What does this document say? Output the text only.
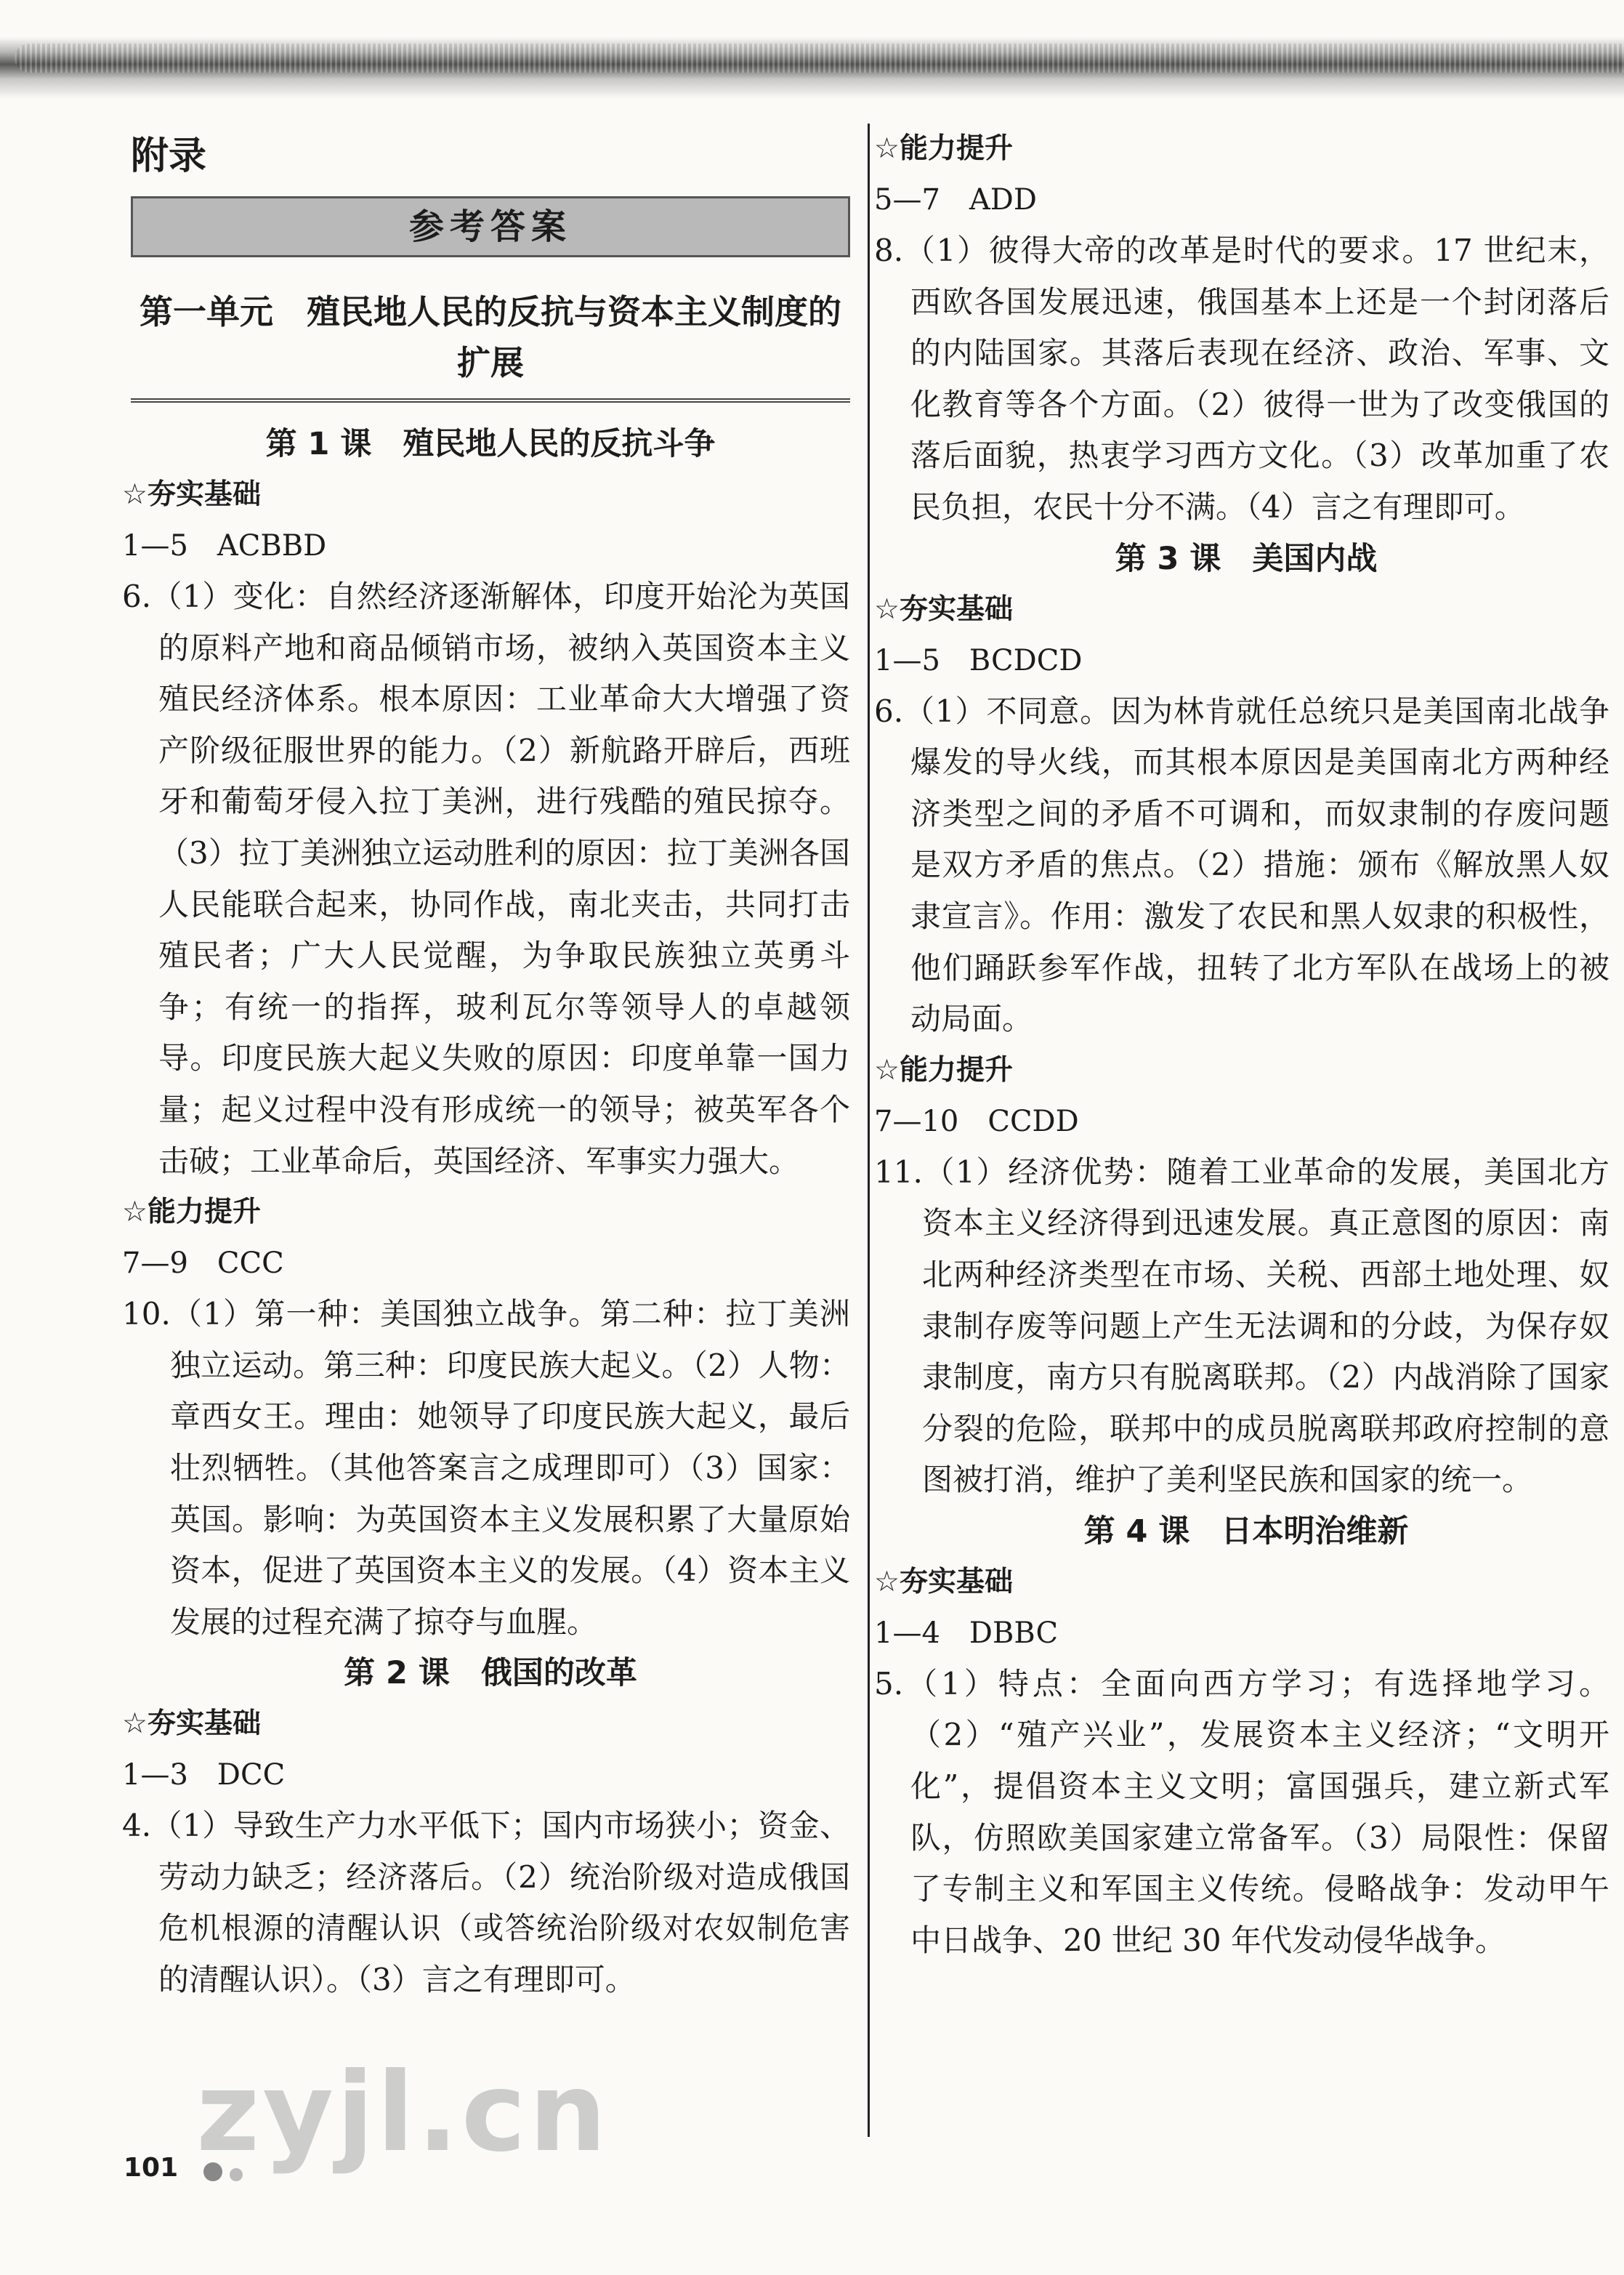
附录
参考答案
第一单元　殖民地人民的反抗与资本主义制度的扩展
第 1 课　殖民地人民的反抗斗争
☆夯实基础
1—5　ACBBD
6.（1）变化：自然经济逐渐解体，印度开始沦为英国的原料产地和商品倾销市场，被纳入英国资本主义殖民经济体系。根本原因：工业革命大大增强了资产阶级征服世界的能力。（2）新航路开辟后，西班牙和葡萄牙侵入拉丁美洲，进行残酷的殖民掠夺。（3）拉丁美洲独立运动胜利的原因：拉丁美洲各国人民能联合起来，协同作战，南北夹击，共同打击殖民者；广大人民觉醒，为争取民族独立英勇斗争；有统一的指挥，玻利瓦尔等领导人的卓越领导。印度民族大起义失败的原因：印度单靠一国力量；起义过程中没有形成统一的领导；被英军各个击破；工业革命后，英国经济、军事实力强大。
☆能力提升
7—9　CCC
10.（1）第一种：美国独立战争。第二种：拉丁美洲独立运动。第三种：印度民族大起义。（2）人物：章西女王。理由：她领导了印度民族大起义，最后壮烈牺牲。（其他答案言之成理即可）（3）国家：英国。影响：为英国资本主义发展积累了大量原始资本，促进了英国资本主义的发展。（4）资本主义发展的过程充满了掠夺与血腥。
第 2 课　俄国的改革
☆夯实基础
1—3　DCC
4.（1）导致生产力水平低下；国内市场狭小；资金、劳动力缺乏；经济落后。（2）统治阶级对造成俄国危机根源的清醒认识（或答统治阶级对农奴制危害的清醒认识）。（3）言之有理即可。
☆能力提升
5—7　ADD
8.（1）彼得大帝的改革是时代的要求。17 世纪末，西欧各国发展迅速，俄国基本上还是一个封闭落后的内陆国家。其落后表现在经济、政治、军事、文化教育等各个方面。（2）彼得一世为了改变俄国的落后面貌，热衷学习西方文化。（3）改革加重了农民负担，农民十分不满。（4）言之有理即可。
第 3 课　美国内战
☆夯实基础
1—5　BCDCD
6.（1）不同意。因为林肯就任总统只是美国南北战争爆发的导火线，而其根本原因是美国南北方两种经济类型之间的矛盾不可调和，而奴隶制的存废问题是双方矛盾的焦点。（2）措施：颁布《解放黑人奴隶宣言》。作用：激发了农民和黑人奴隶的积极性，他们踊跃参军作战，扭转了北方军队在战场上的被动局面。
☆能力提升
7—10　CCDD
11.（1）经济优势：随着工业革命的发展，美国北方资本主义经济得到迅速发展。真正意图的原因：南北两种经济类型在市场、关税、西部土地处理、奴隶制存废等问题上产生无法调和的分歧，为保存奴隶制度，南方只有脱离联邦。（2）内战消除了国家分裂的危险，联邦中的成员脱离联邦政府控制的意图被打消，维护了美利坚民族和国家的统一。
第 4 课　日本明治维新
☆夯实基础
1—4　DBBC
5.（1）特点：全面向西方学习；有选择地学习。（2）“殖产兴业”，发展资本主义经济；“文明开化”，提倡资本主义文明；富国强兵，建立新式军队，仿照欧美国家建立常备军。（3）局限性：保留了专制主义和军国主义传统。侵略战争：发动甲午中日战争、20 世纪 30 年代发动侵华战争。
101 zyjl.cn
